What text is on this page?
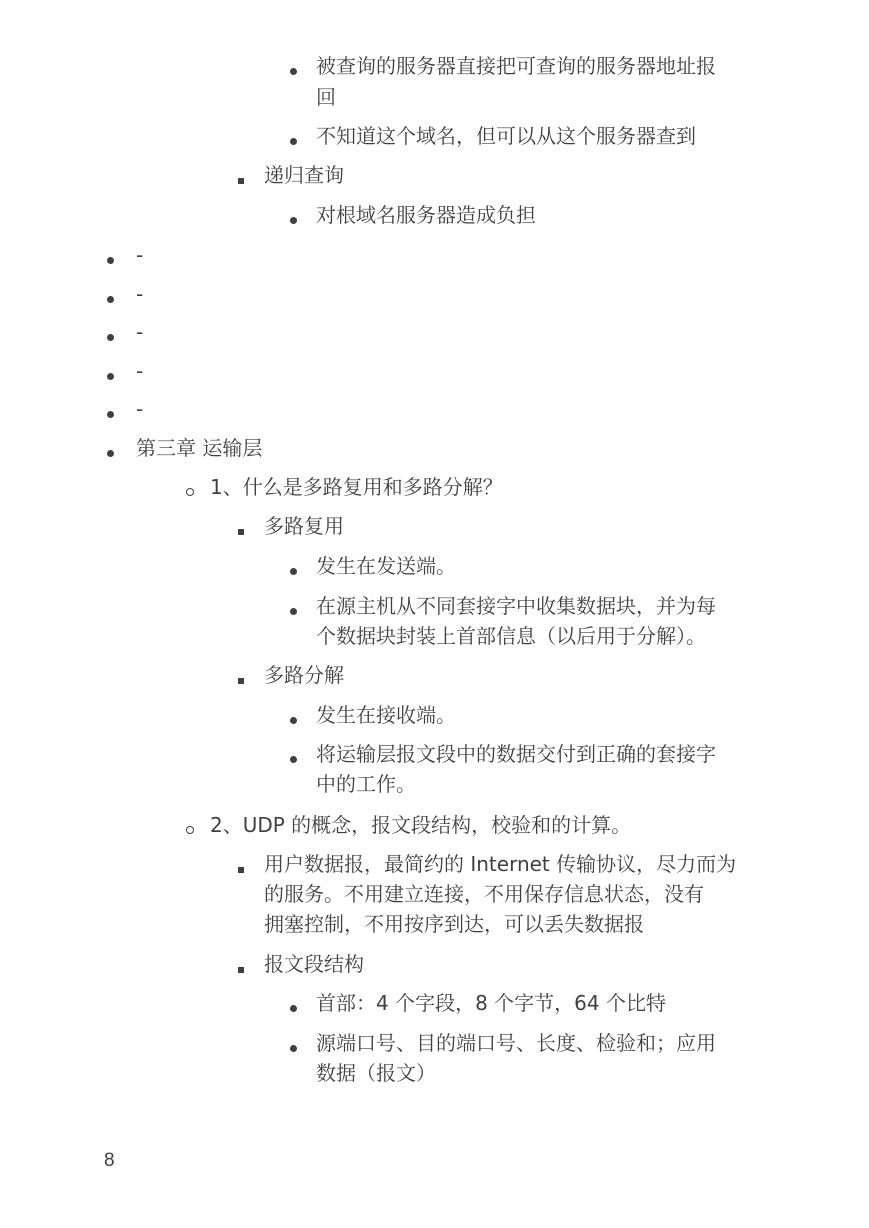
被查询的服务器直接把可查询的服务器地址报
回
不知道这个域名，但可以从这个服务器查到
递归查询
对根域名服务器造成负担
-
-
-
-
-
第三章 运输层
1、什么是多路复用和多路分解？
多路复用
发生在发送端。
在源主机从不同套接字中收集数据块，并为每
个数据块封装上首部信息（以后用于分解）。
多路分解
发生在接收端。
将运输层报文段中的数据交付到正确的套接字
中的工作。
2、UDP 的概念，报文段结构，校验和的计算。
用户数据报，最简约的 Internet 传输协议，尽力而为
的服务。不用建立连接，不用保存信息状态，没有
拥塞控制，不用按序到达，可以丢失数据报
报文段结构
首部：4 个字段，8 个字节，64 个比特
源端口号、目的端口号、长度、检验和；应用
数据（报文）
8
